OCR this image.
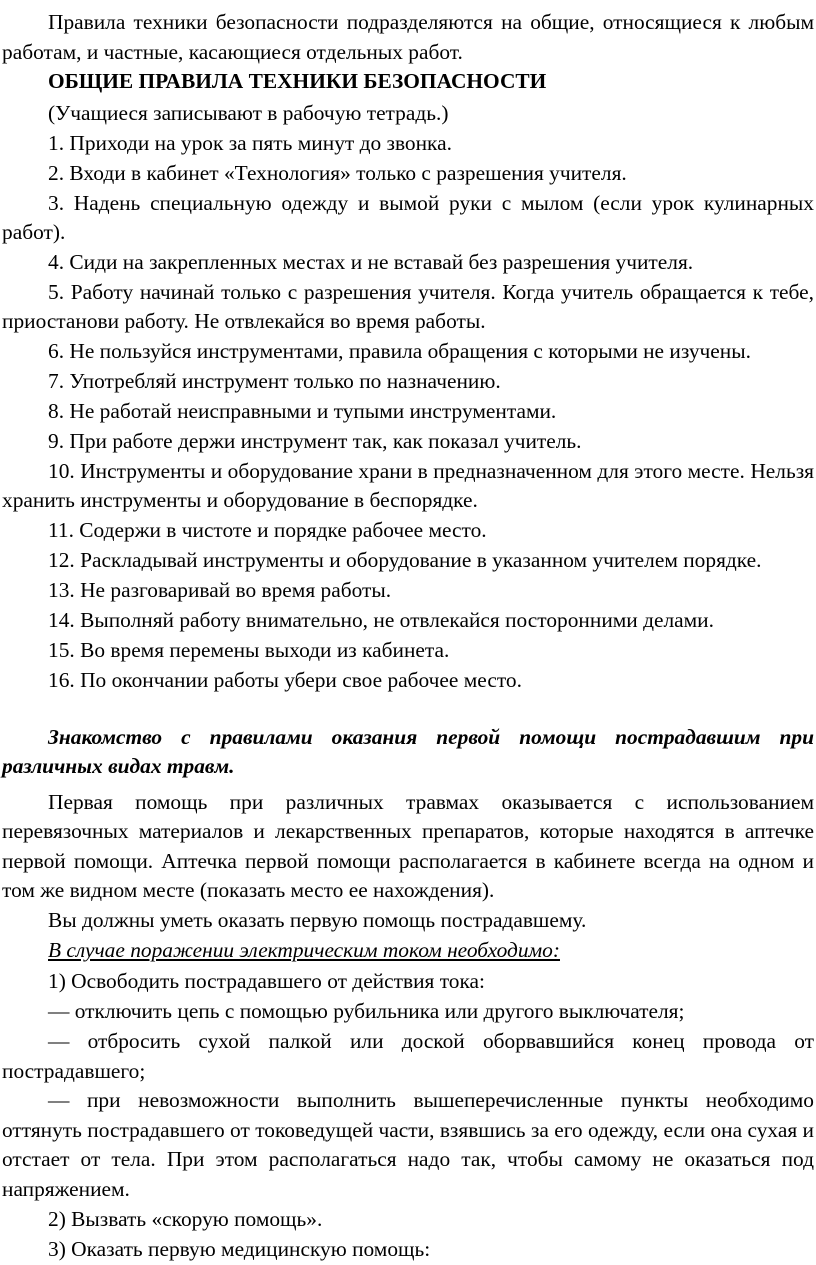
Правила техники безопасности подразделяются на общие, относящиеся к любым работам, и частные, касающиеся отдельных работ.

ОБЩИЕ ПРАВИЛА ТЕХНИКИ БЕЗОПАСНОСТИ

(Учащиеся записывают в рабочую тетрадь.)

1. Приходи на урок за пять минут до звонка.

2. Входи в кабинет «Технология» только с разрешения учителя.

3. Надень специальную одежду и вымой руки с мылом (если урок кулинарных работ).

4. Сиди на закрепленных местах и не вставай без разрешения учителя.

5. Работу начинай только с разрешения учителя. Когда учитель обращается к тебе, приостанови работу. Не отвлекайся во время работы.

6. Не пользуйся инструментами, правила обращения с которыми не изучены.

7. Употребляй инструмент только по назначению.

8. Не работай неисправными и тупыми инструментами.

9. При работе держи инструмент так, как показал учитель.

10. Инструменты и оборудование храни в предназначенном для этого месте. Нельзя хранить инструменты и оборудование в беспорядке.

11. Содержи в чистоте и порядке рабочее место.

12. Раскладывай инструменты и оборудование в указанном учителем порядке.

13. Не разговаривай во время работы.

14. Выполняй работу внимательно, не отвлекайся посторонними делами.

15. Во время перемены выходи из кабинета.

16. По окончании работы убери свое рабочее место.

Знакомство с правилами оказания первой помощи пострадавшим при различных видах травм.

Первая помощь при различных травмах оказывается с использованием перевязочных материалов и лекарственных препаратов, которые находятся в аптечке первой помощи. Аптечка первой помощи располагается в кабинете всегда на одном и том же видном месте (показать место ее нахождения).

Вы должны уметь оказать первую помощь пострадавшему.

В случае поражении электрическим током необходимо:

1) Освободить пострадавшего от действия тока:

— отключить цепь с помощью рубильника или другого выключателя;

— отбросить сухой палкой или доской оборвавшийся конец провода от пострадавшего;

— при невозможности выполнить вышеперечисленные пункты необходимо оттянуть пострадавшего от токоведущей части, взявшись за его одежду, если она сухая и отстает от тела. При этом располагаться надо так, чтобы самому не оказаться под напряжением.

2) Вызвать «скорую помощь».

3) Оказать первую медицинскую помощь:
